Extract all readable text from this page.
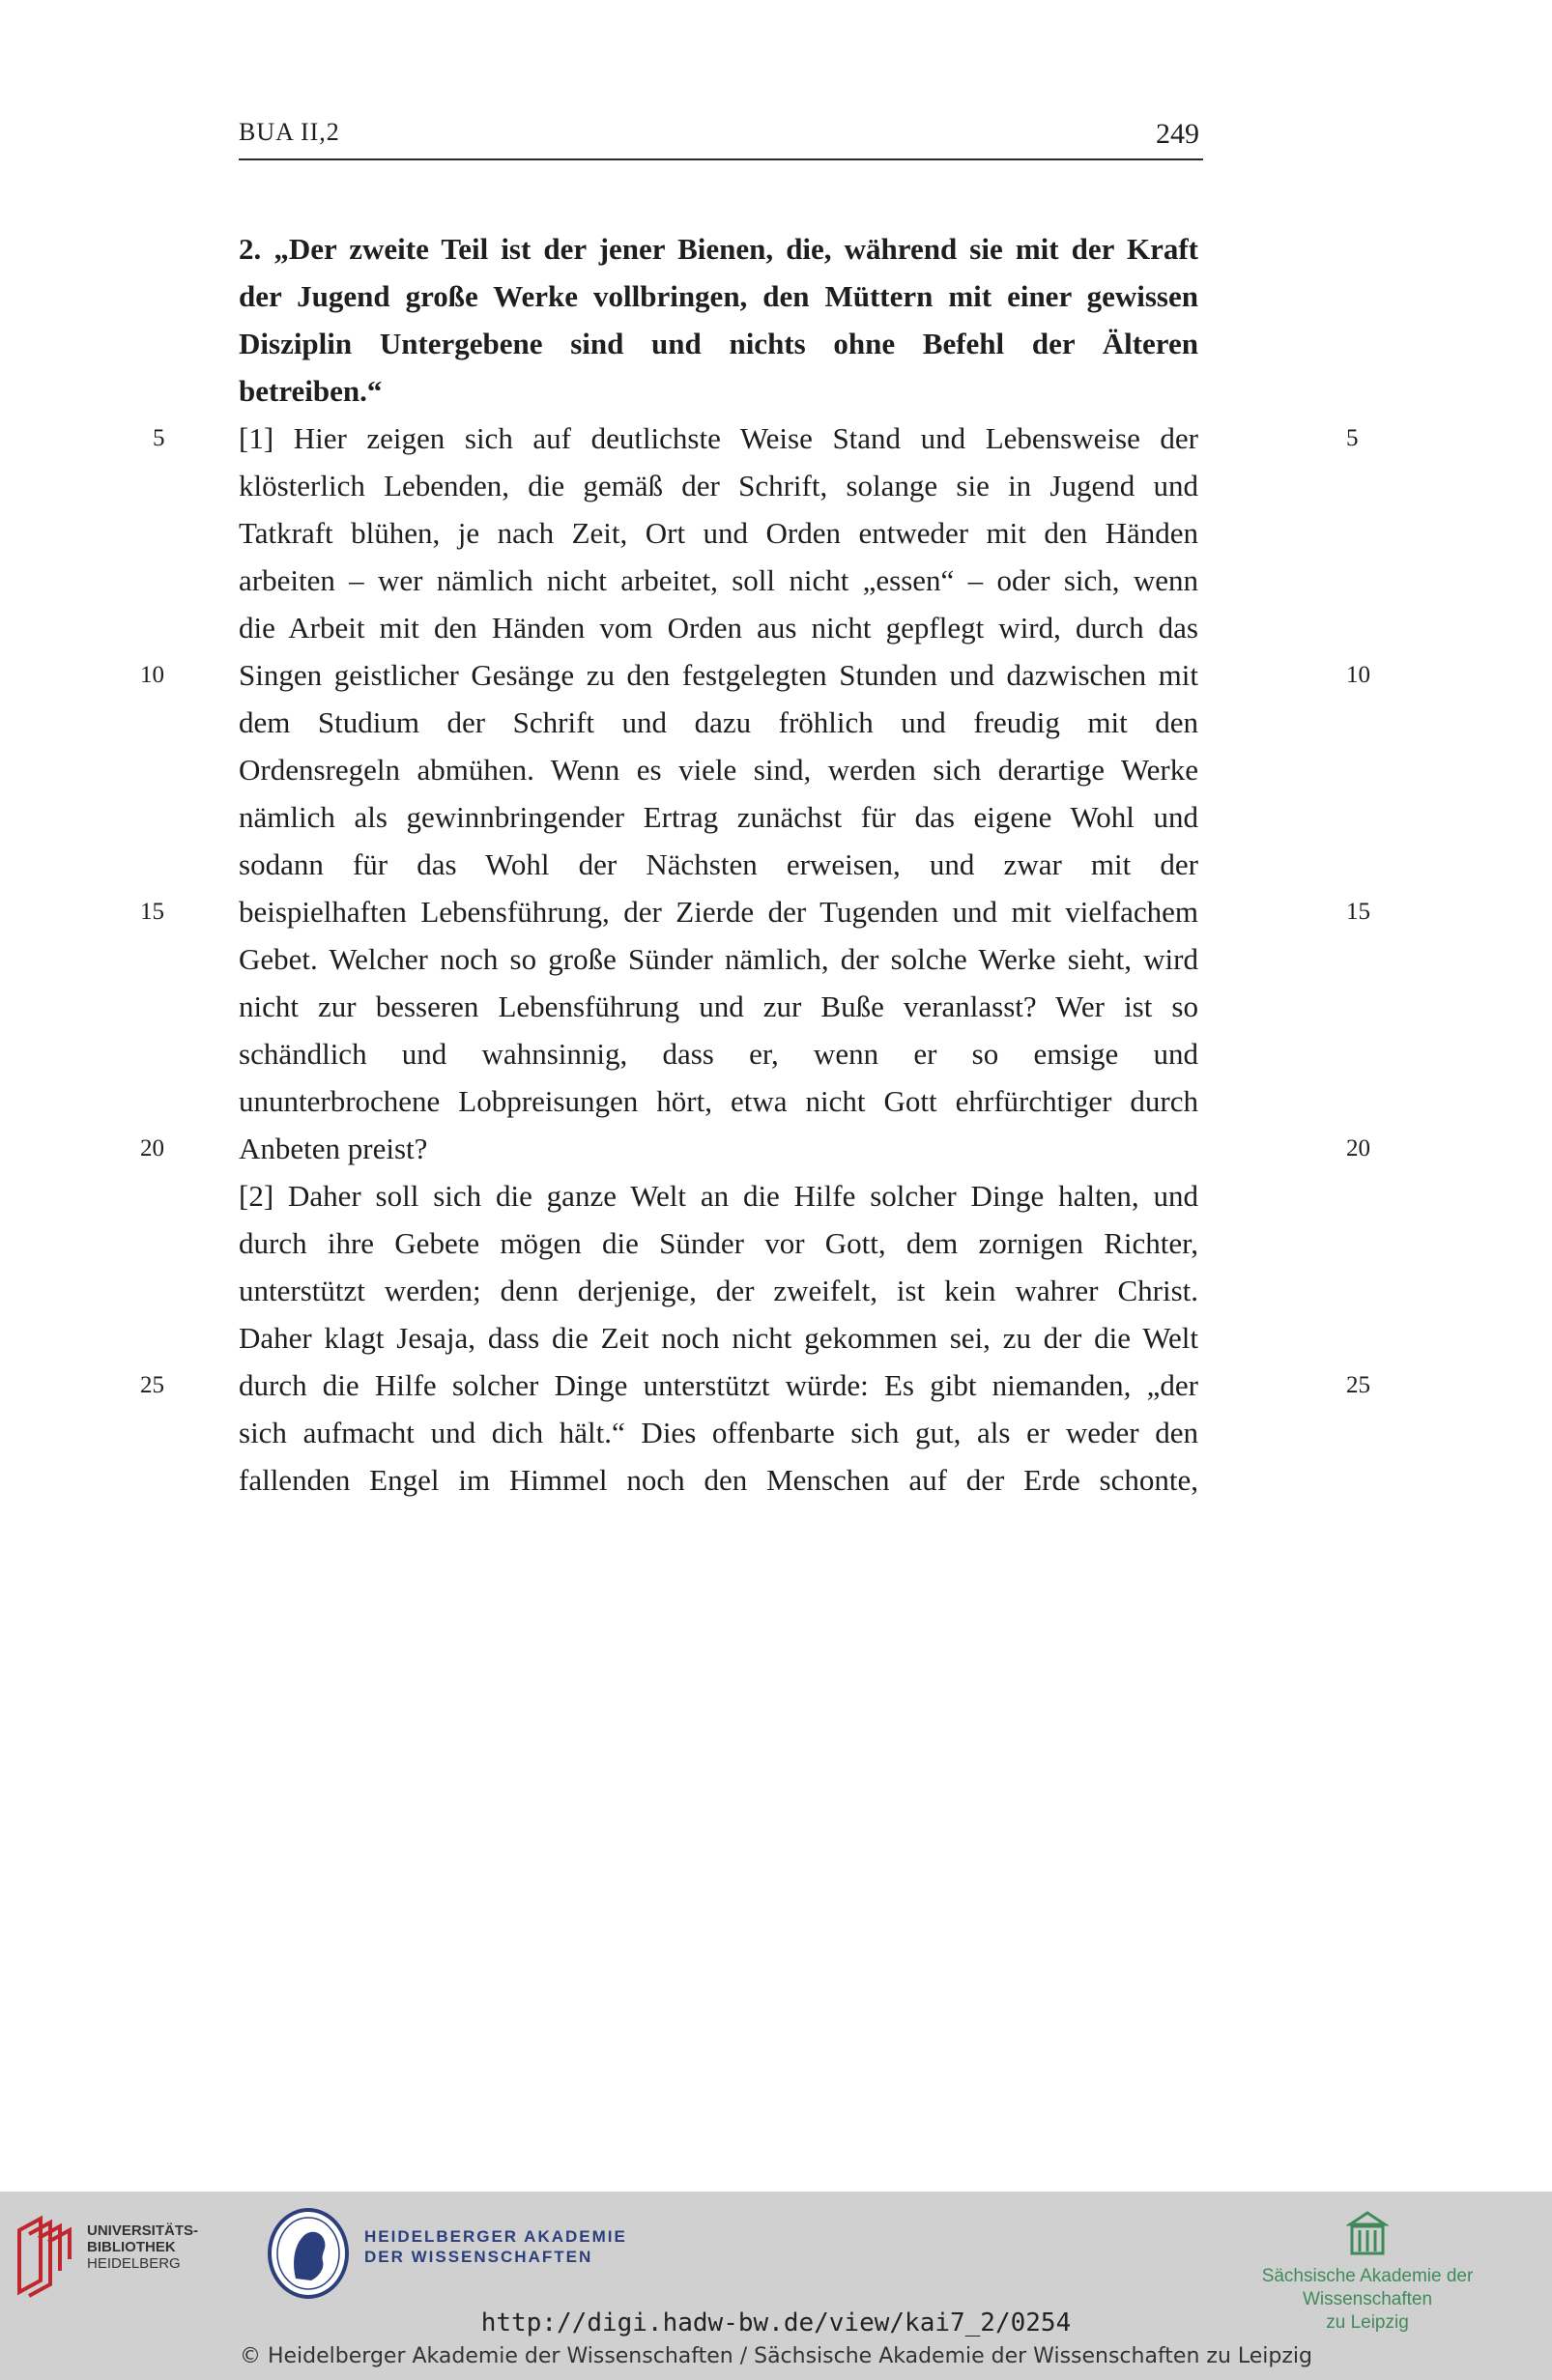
BUA II,2	249
2. „Der zweite Teil ist der jener Bienen, die, während sie mit der Kraft
der Jugend große Werke vollbringen, den Müttern mit einer gewissen
Disziplin Untergebene sind und nichts ohne Befehl der Älteren
betreiben.“
[1] Hier zeigen sich auf deutlichste Weise Stand und Lebensweise der
klösterlich Lebenden, die gemäß der Schrift, solange sie in Jugend und
Tatkraft blühen, je nach Zeit, Ort und Orden entweder mit den Händen
arbeiten – wer nämlich nicht arbeitet, soll nicht „essen“ – oder sich, wenn
die Arbeit mit den Händen vom Orden aus nicht gepflegt wird, durch das
Singen geistlicher Gesänge zu den festgelegten Stunden und dazwischen mit
dem Studium der Schrift und dazu fröhlich und freudig mit den
Ordensregeln abmühen. Wenn es viele sind, werden sich derartige Werke
nämlich als gewinnbringender Ertrag zunächst für das eigene Wohl und
sodann für das Wohl der Nächsten erweisen, und zwar mit der
beispielhaften Lebensführung, der Zierde der Tugenden und mit vielfachem
Gebet. Welcher noch so große Sünder nämlich, der solche Werke sieht, wird
nicht zur besseren Lebensführung und zur Buße veranlasst? Wer ist so
schändlich und wahnsinnig, dass er, wenn er so emsige und
ununterbrochene Lobpreisungen hört, etwa nicht Gott ehrfürchtiger durch
Anbeten preist?
[2] Daher soll sich die ganze Welt an die Hilfe solcher Dinge halten, und
durch ihre Gebete mögen die Sünder vor Gott, dem zornigen Richter,
unterstützt werden; denn derjenige, der zweifelt, ist kein wahrer Christ.
Daher klagt Jesaja, dass die Zeit noch nicht gekommen sei, zu der die Welt
durch die Hilfe solcher Dinge unterstützt würde: Es gibt niemanden, „der
sich aufmacht und dich hält.“ Dies offenbarte sich gut, als er weder den
fallenden Engel im Himmel noch den Menschen auf der Erde schonte,
5
10
15
20
25
5
10
15
20
25
UNIVERSITÄTS-
BIBLIOTHEK
HEIDELBERG
HEIDELBERGER AKADEMIE
DER WISSENSCHAFTEN
Sächsische Akademie der Wissenschaften
zu Leipzig
http://digi.hadw-bw.de/view/kai7_2/0254
© Heidelberger Akademie der Wissenschaften / Sächsische Akademie der Wissenschaften zu Leipzig
